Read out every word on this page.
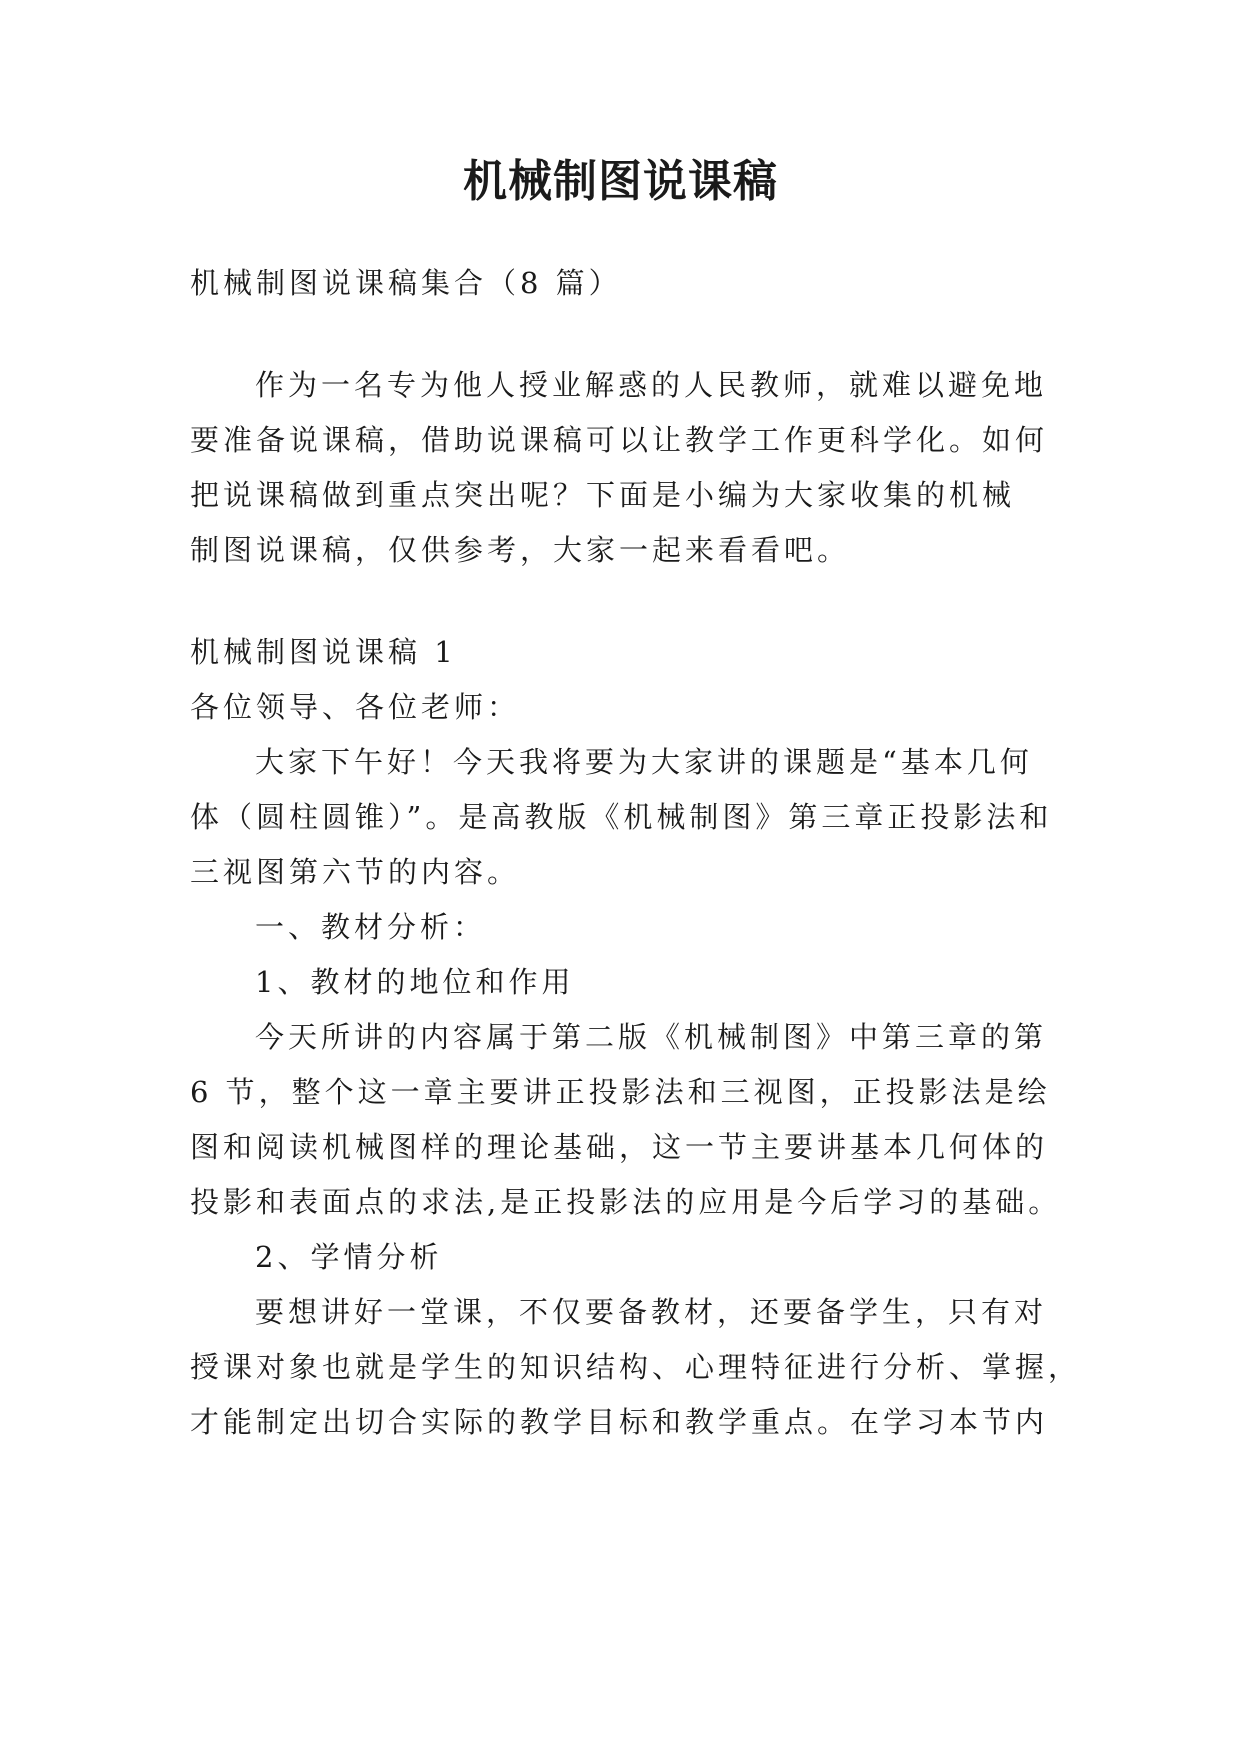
机械制图说课稿
机械制图说课稿集合（8 篇）
作为一名专为他人授业解惑的人民教师，就难以避免地
要准备说课稿，借助说课稿可以让教学工作更科学化。如何
把说课稿做到重点突出呢？下面是小编为大家收集的机械
制图说课稿，仅供参考，大家一起来看看吧。
机械制图说课稿 1
各位领导、各位老师：
大家下午好！今天我将要为大家讲的课题是“基本几何
体（圆柱圆锥）”。是高教版《机械制图》第三章正投影法和
三视图第六节的内容。
一、教材分析：
1、教材的地位和作用
今天所讲的内容属于第二版《机械制图》中第三章的第
6 节，整个这一章主要讲正投影法和三视图，正投影法是绘
图和阅读机械图样的理论基础，这一节主要讲基本几何体的
投影和表面点的求法,是正投影法的应用是今后学习的基础。
2、学情分析
要想讲好一堂课，不仅要备教材，还要备学生，只有对
授课对象也就是学生的知识结构、心理特征进行分析、掌握，
才能制定出切合实际的教学目标和教学重点。在学习本节内
